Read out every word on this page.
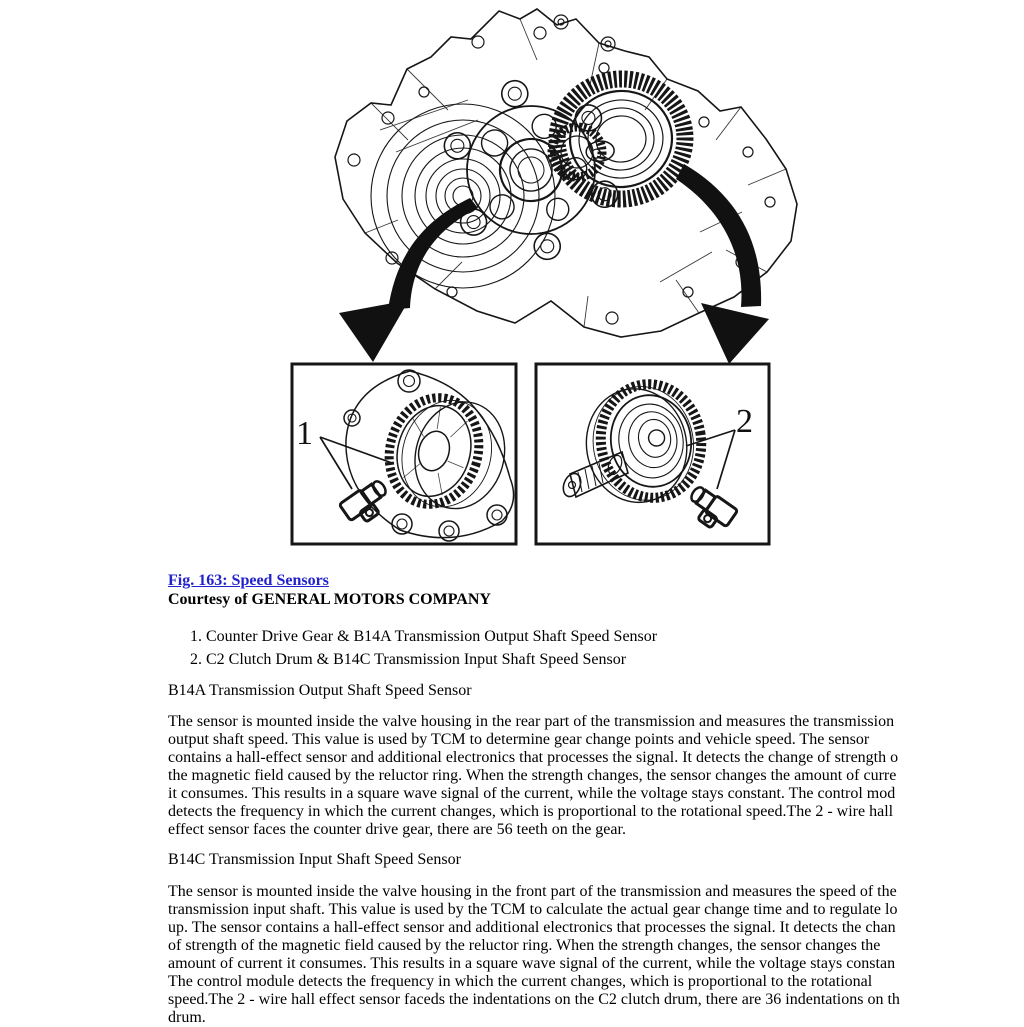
1	2
Fig. 163: Speed Sensors
Courtesy of GENERAL MOTORS COMPANY
1. Counter Drive Gear & B14A Transmission Output Shaft Speed Sensor
2. C2 Clutch Drum & B14C Transmission Input Shaft Speed Sensor
B14A Transmission Output Shaft Speed Sensor
The sensor is mounted inside the valve housing in the rear part of the transmission and measures the transmission
output shaft speed. This value is used by TCM to determine gear change points and vehicle speed. The sensor
contains a hall-effect sensor and additional electronics that processes the signal. It detects the change of strength o
the magnetic field caused by the reluctor ring. When the strength changes, the sensor changes the amount of curre
it consumes. This results in a square wave signal of the current, while the voltage stays constant. The control mod
detects the frequency in which the current changes, which is proportional to the rotational speed.The 2 - wire hall
effect sensor faces the counter drive gear, there are 56 teeth on the gear.
B14C Transmission Input Shaft Speed Sensor
The sensor is mounted inside the valve housing in the front part of the transmission and measures the speed of the
transmission input shaft. This value is used by the TCM to calculate the actual gear change time and to regulate lo
up. The sensor contains a hall-effect sensor and additional electronics that processes the signal. It detects the chan
of strength of the magnetic field caused by the reluctor ring. When the strength changes, the sensor changes the
amount of current it consumes. This results in a square wave signal of the current, while the voltage stays constan
The control module detects the frequency in which the current changes, which is proportional to the rotational
speed.The 2 - wire hall effect sensor faceds the indentations on the C2 clutch drum, there are 36 indentations on th
drum.
